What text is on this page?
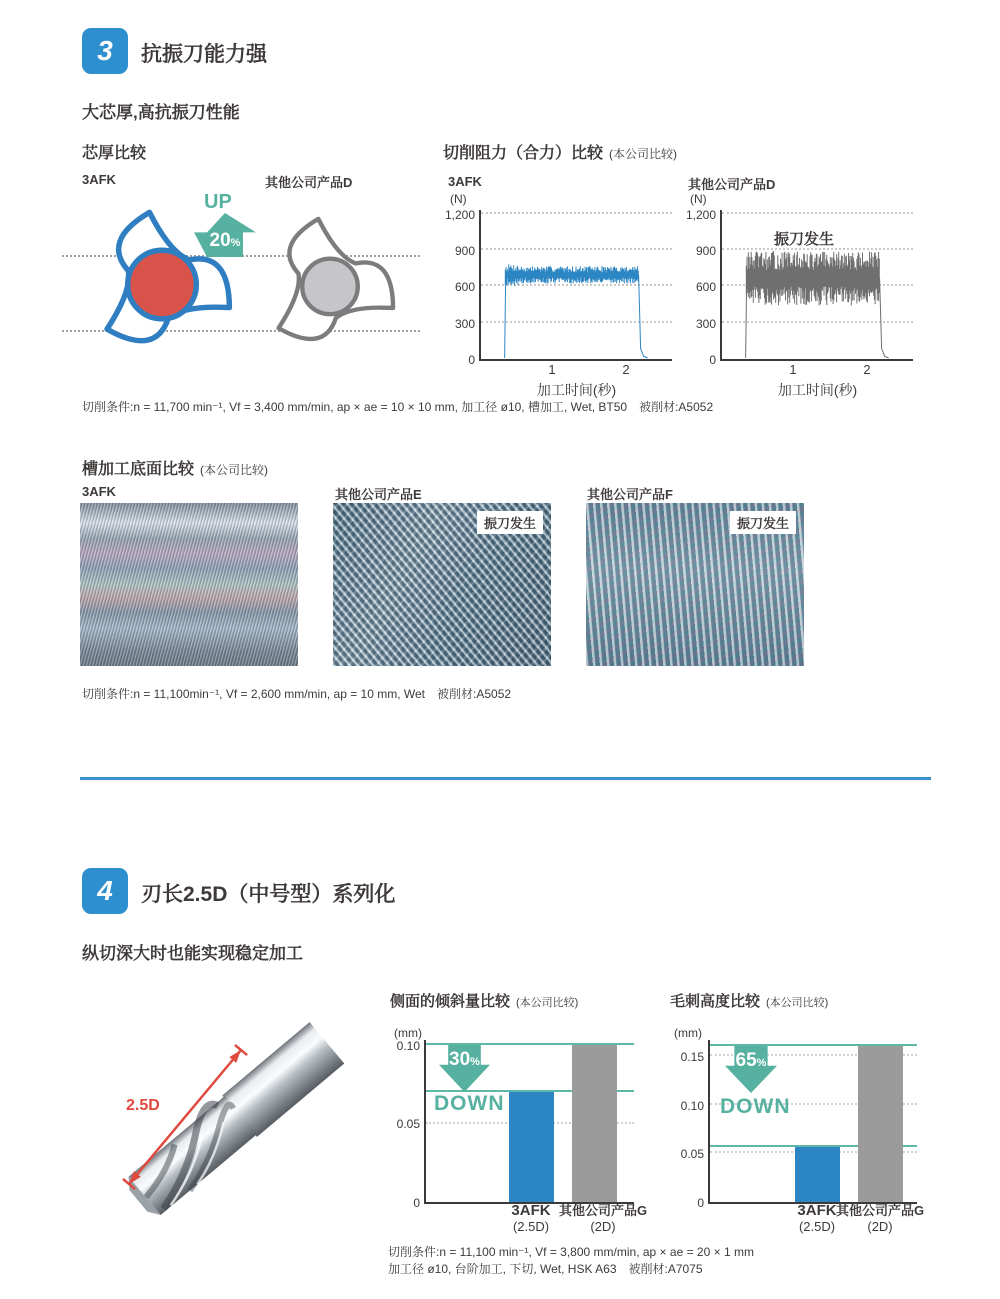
3	抗振刀能力强
大芯厚,高抗振刀性能
芯厚比较
3AFK	其他公司产品D
UP
20%
切削阻力（合力）比较 (本公司比较)
3AFK
(N)
0
300
600
900
1,200
1	2
加工时间(秒)
其他公司产品D
(N)
0
300
600
900
1,200
振刀发生
1	2
加工时间(秒)
切削条件:n = 11,700 min⁻¹, Vf = 3,400 mm/min, ap × ae = 10 × 10 mm, 加工径 ø10, 槽加工, Wet, BT50　被削材:A5052
槽加工底面比较 (本公司比较)
3AFK	其他公司产品E	其他公司产品F
振刀发生	振刀发生
切削条件:n = 11,100min⁻¹, Vf = 2,600 mm/min, ap = 10 mm, Wet　被削材:A5052
4	刃长2.5D（中号型）系列化
纵切深大时也能实现稳定加工
2.5D
侧面的倾斜量比较 (本公司比较)
(mm)
0
0.05
0.10
30%
DOWN
3AFK
(2.5D)
其他公司产品G
(2D)
毛刺高度比较 (本公司比较)
(mm)
0
0.05
0.10
0.15	65%
DOWN
3AFK
(2.5D)
其他公司产品G
(2D)
切削条件:n = 11,100 min⁻¹, Vf = 3,800 mm/min, ap × ae = 20 × 1 mm
加工径 ø10, 台阶加工, 下切, Wet, HSK A63　被削材:A7075
